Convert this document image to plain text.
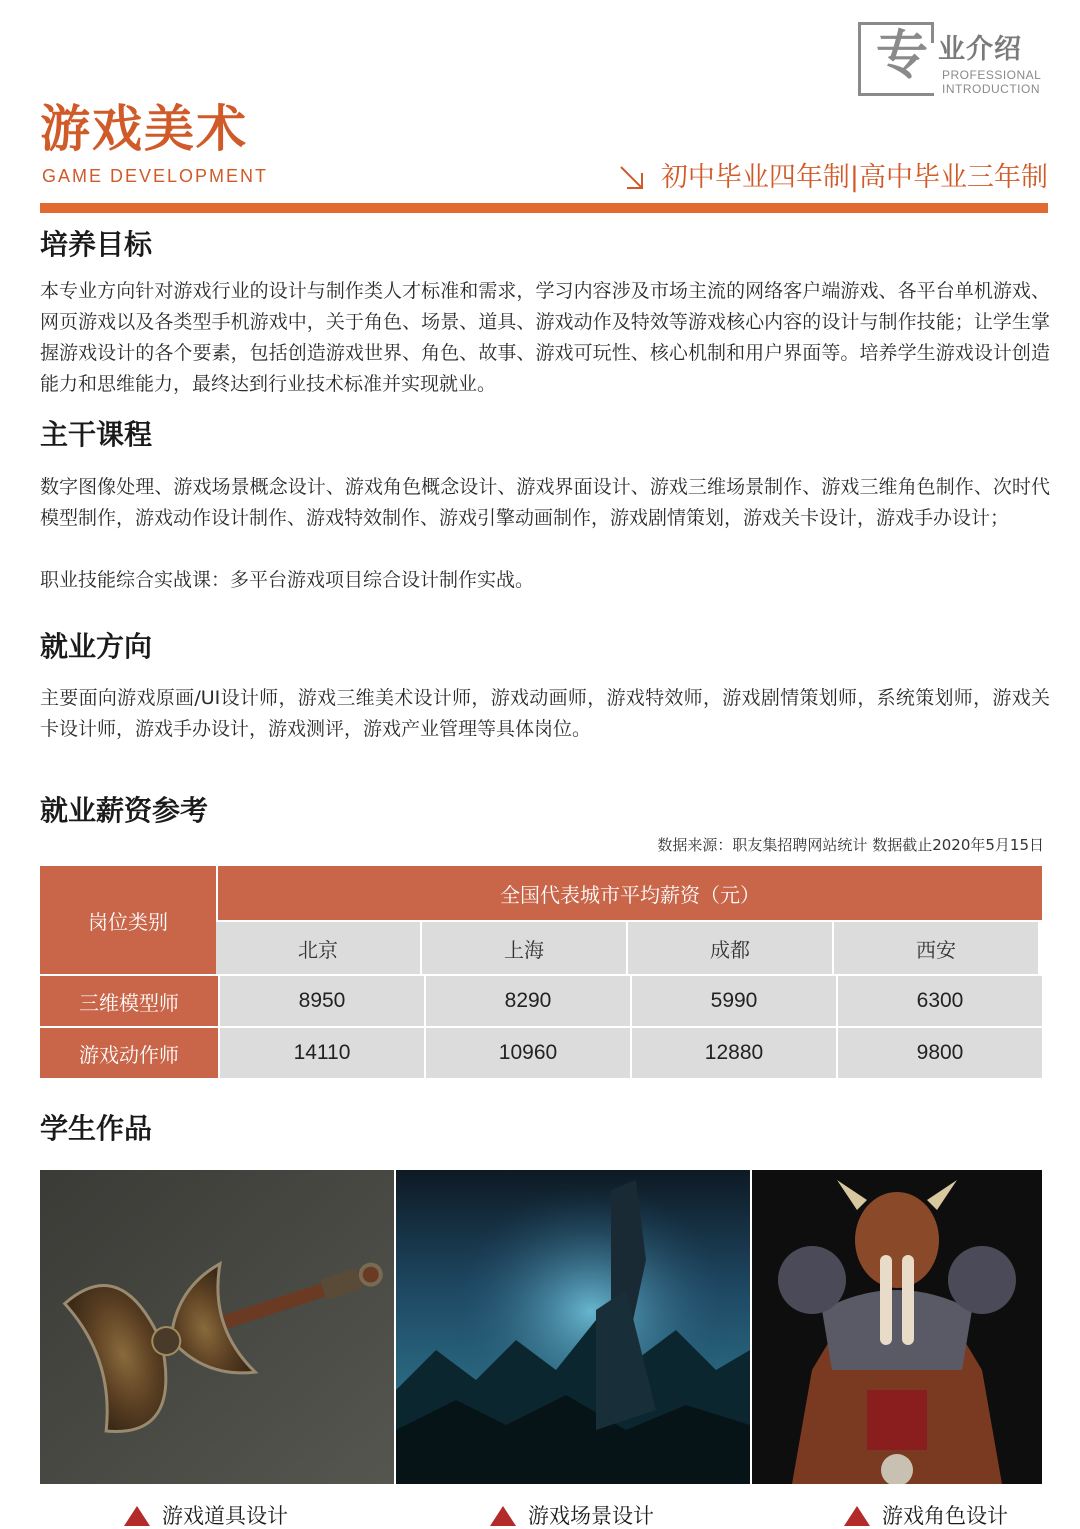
专 业介绍
PROFESSIONAL
INTRODUCTION
游戏美术
GAME DEVELOPMENT	初中毕业四年制|高中毕业三年制
培养目标
本专业方向针对游戏行业的设计与制作类人才标准和需求，学习内容涉及市场主流的网络客户端游戏、各平台单机游戏、网页游戏以及各类型手机游戏中，关于角色、场景、道具、游戏动作及特效等游戏核心内容的设计与制作技能；让学生掌握游戏设计的各个要素，包括创造游戏世界、角色、故事、游戏可玩性、核心机制和用户界面等。培养学生游戏设计创造能力和思维能力，最终达到行业技术标准并实现就业。
主干课程
数字图像处理、游戏场景概念设计、游戏角色概念设计、游戏界面设计、游戏三维场景制作、游戏三维角色制作、次时代模型制作，游戏动作设计制作、游戏特效制作、游戏引擎动画制作，游戏剧情策划，游戏关卡设计，游戏手办设计；
职业技能综合实战课：多平台游戏项目综合设计制作实战。
就业方向
主要面向游戏原画/UI设计师，游戏三维美术设计师，游戏动画师，游戏特效师，游戏剧情策划师，系统策划师，游戏关卡设计师，游戏手办设计，游戏测评，游戏产业管理等具体岗位。
就业薪资参考
数据来源：职友集招聘网站统计 数据截止2020年5月15日
岗位类别
全国代表城市平均薪资（元）
北京	上海	成都	西安
三维模型师	8950	8290	5990	6300
游戏动作师	14110	10960	12880	9800
学生作品
游戏道具设计	游戏场景设计	游戏角色设计
